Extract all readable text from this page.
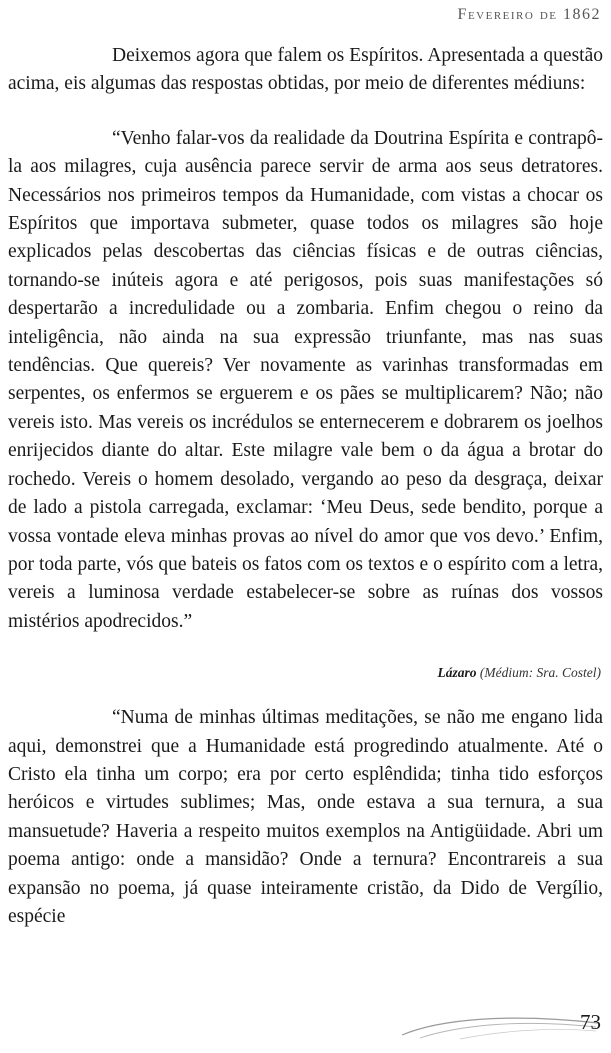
Fevereiro de 1862

Deixemos agora que falem os Espíritos. Apresentada a questão acima, eis algumas das respostas obtidas, por meio de diferentes médiuns:

“Venho falar-vos da realidade da Doutrina Espírita e contrapô-la aos milagres, cuja ausência parece servir de arma aos seus detratores. Necessários nos primeiros tempos da Humanidade, com vistas a chocar os Espíritos que importava submeter, quase todos os milagres são hoje explicados pelas descobertas das ciências físicas e de outras ciências, tornando-se inúteis agora e até perigosos, pois suas manifestações só despertarão a incredulidade ou a zombaria. Enfim chegou o reino da inteligência, não ainda na sua expressão triunfante, mas nas suas tendências. Que quereis? Ver novamente as varinhas transformadas em serpentes, os enfermos se erguerem e os pães se multiplicarem? Não; não vereis isto. Mas vereis os incrédulos se enternecerem e dobrarem os joelhos enrijecidos diante do altar. Este milagre vale bem o da água a brotar do rochedo. Vereis o homem desolado, vergando ao peso da desgraça, deixar de lado a pistola carregada, exclamar: ‘Meu Deus, sede bendito, porque a vossa vontade eleva minhas provas ao nível do amor que vos devo.’ Enfim, por toda parte, vós que bateis os fatos com os textos e o espírito com a letra, vereis a luminosa verdade estabelecer-se sobre as ruínas dos vossos mistérios apodrecidos.”

Lázaro (Médium: Sra. Costel)

“Numa de minhas últimas meditações, se não me engano lida aqui, demonstrei que a Humanidade está progredindo atualmente. Até o Cristo ela tinha um corpo; era por certo esplêndida; tinha tido esforços heróicos e virtudes sublimes; Mas, onde estava a sua ternura, a sua mansuetude? Haveria a respeito muitos exemplos na Antigüidade. Abri um poema antigo: onde a mansidão? Onde a ternura? Encontrareis a sua expansão no poema, já quase inteiramente cristão, da Dido de Vergílio, espécie

73
